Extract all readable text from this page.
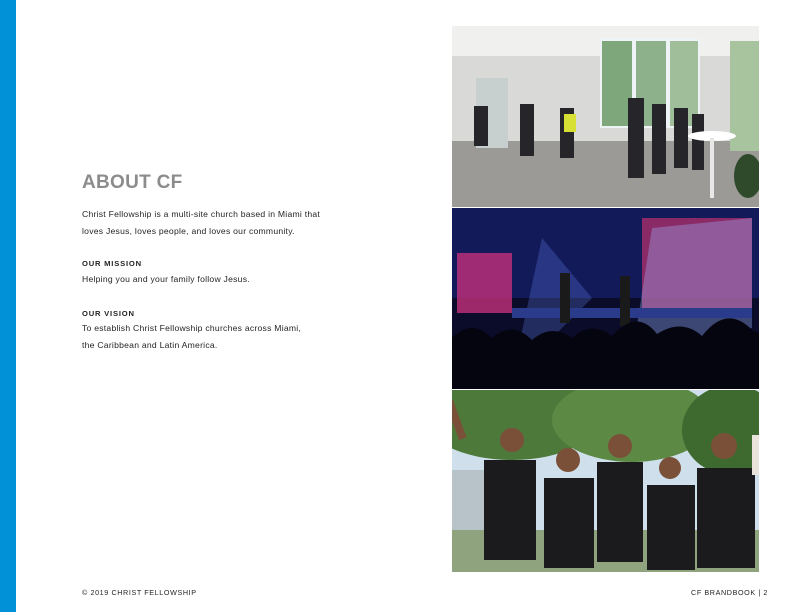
ABOUT CF
Christ Fellowship is a multi-site church based in Miami that
loves Jesus, loves people, and loves our community.
OUR MISSION
Helping you and your family follow Jesus.
OUR VISION
To establish Christ Fellowship churches across Miami,
the Caribbean and Latin America.
© 2019 CHRIST FELLOWSHIP	CF BRANDBOOK | 2
